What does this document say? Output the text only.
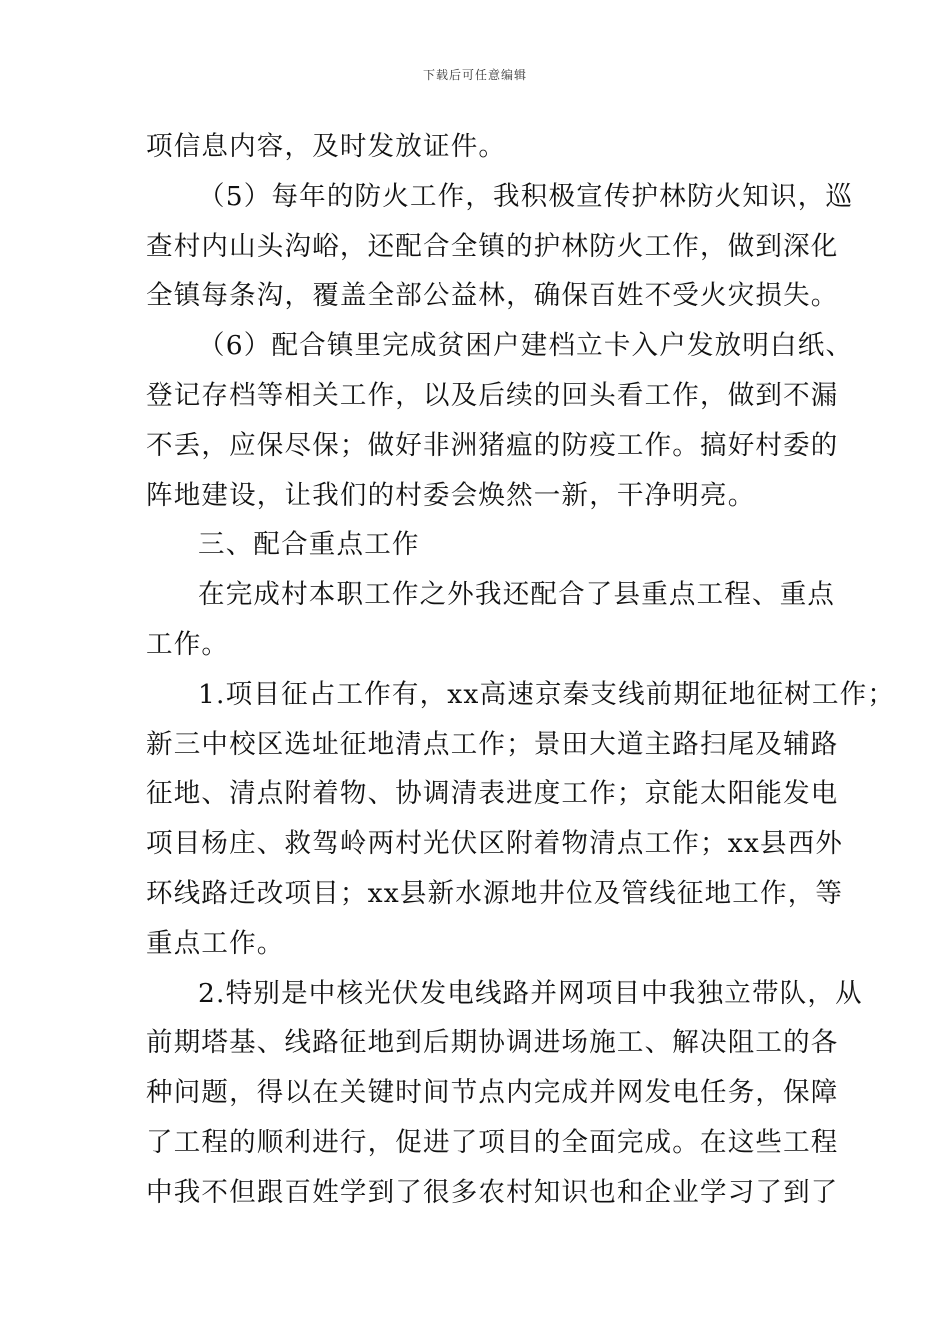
下载后可任意编辑
项信息内容，及时发放证件。
（5）每年的防火工作，我积极宣传护林防火知识，巡
查村内山头沟峪，还配合全镇的护林防火工作，做到深化
全镇每条沟，覆盖全部公益林，确保百姓不受火灾损失。
（6）配合镇里完成贫困户建档立卡入户发放明白纸、
登记存档等相关工作，以及后续的回头看工作，做到不漏
不丢，应保尽保；做好非洲猪瘟的防疫工作。搞好村委的
阵地建设，让我们的村委会焕然一新，干净明亮。
三、配合重点工作
在完成村本职工作之外我还配合了县重点工程、重点
工作。
1.项目征占工作有，xx高速京秦支线前期征地征树工作；
新三中校区选址征地清点工作；景田大道主路扫尾及辅路
征地、清点附着物、协调清表进度工作；京能太阳能发电
项目杨庄、救驾岭两村光伏区附着物清点工作；xx县西外
环线路迁改项目；xx县新水源地井位及管线征地工作，等
重点工作。
2.特别是中核光伏发电线路并网项目中我独立带队，从
前期塔基、线路征地到后期协调进场施工、解决阻工的各
种问题，得以在关键时间节点内完成并网发电任务，保障
了工程的顺利进行，促进了项目的全面完成。在这些工程
中我不但跟百姓学到了很多农村知识也和企业学习了到了
